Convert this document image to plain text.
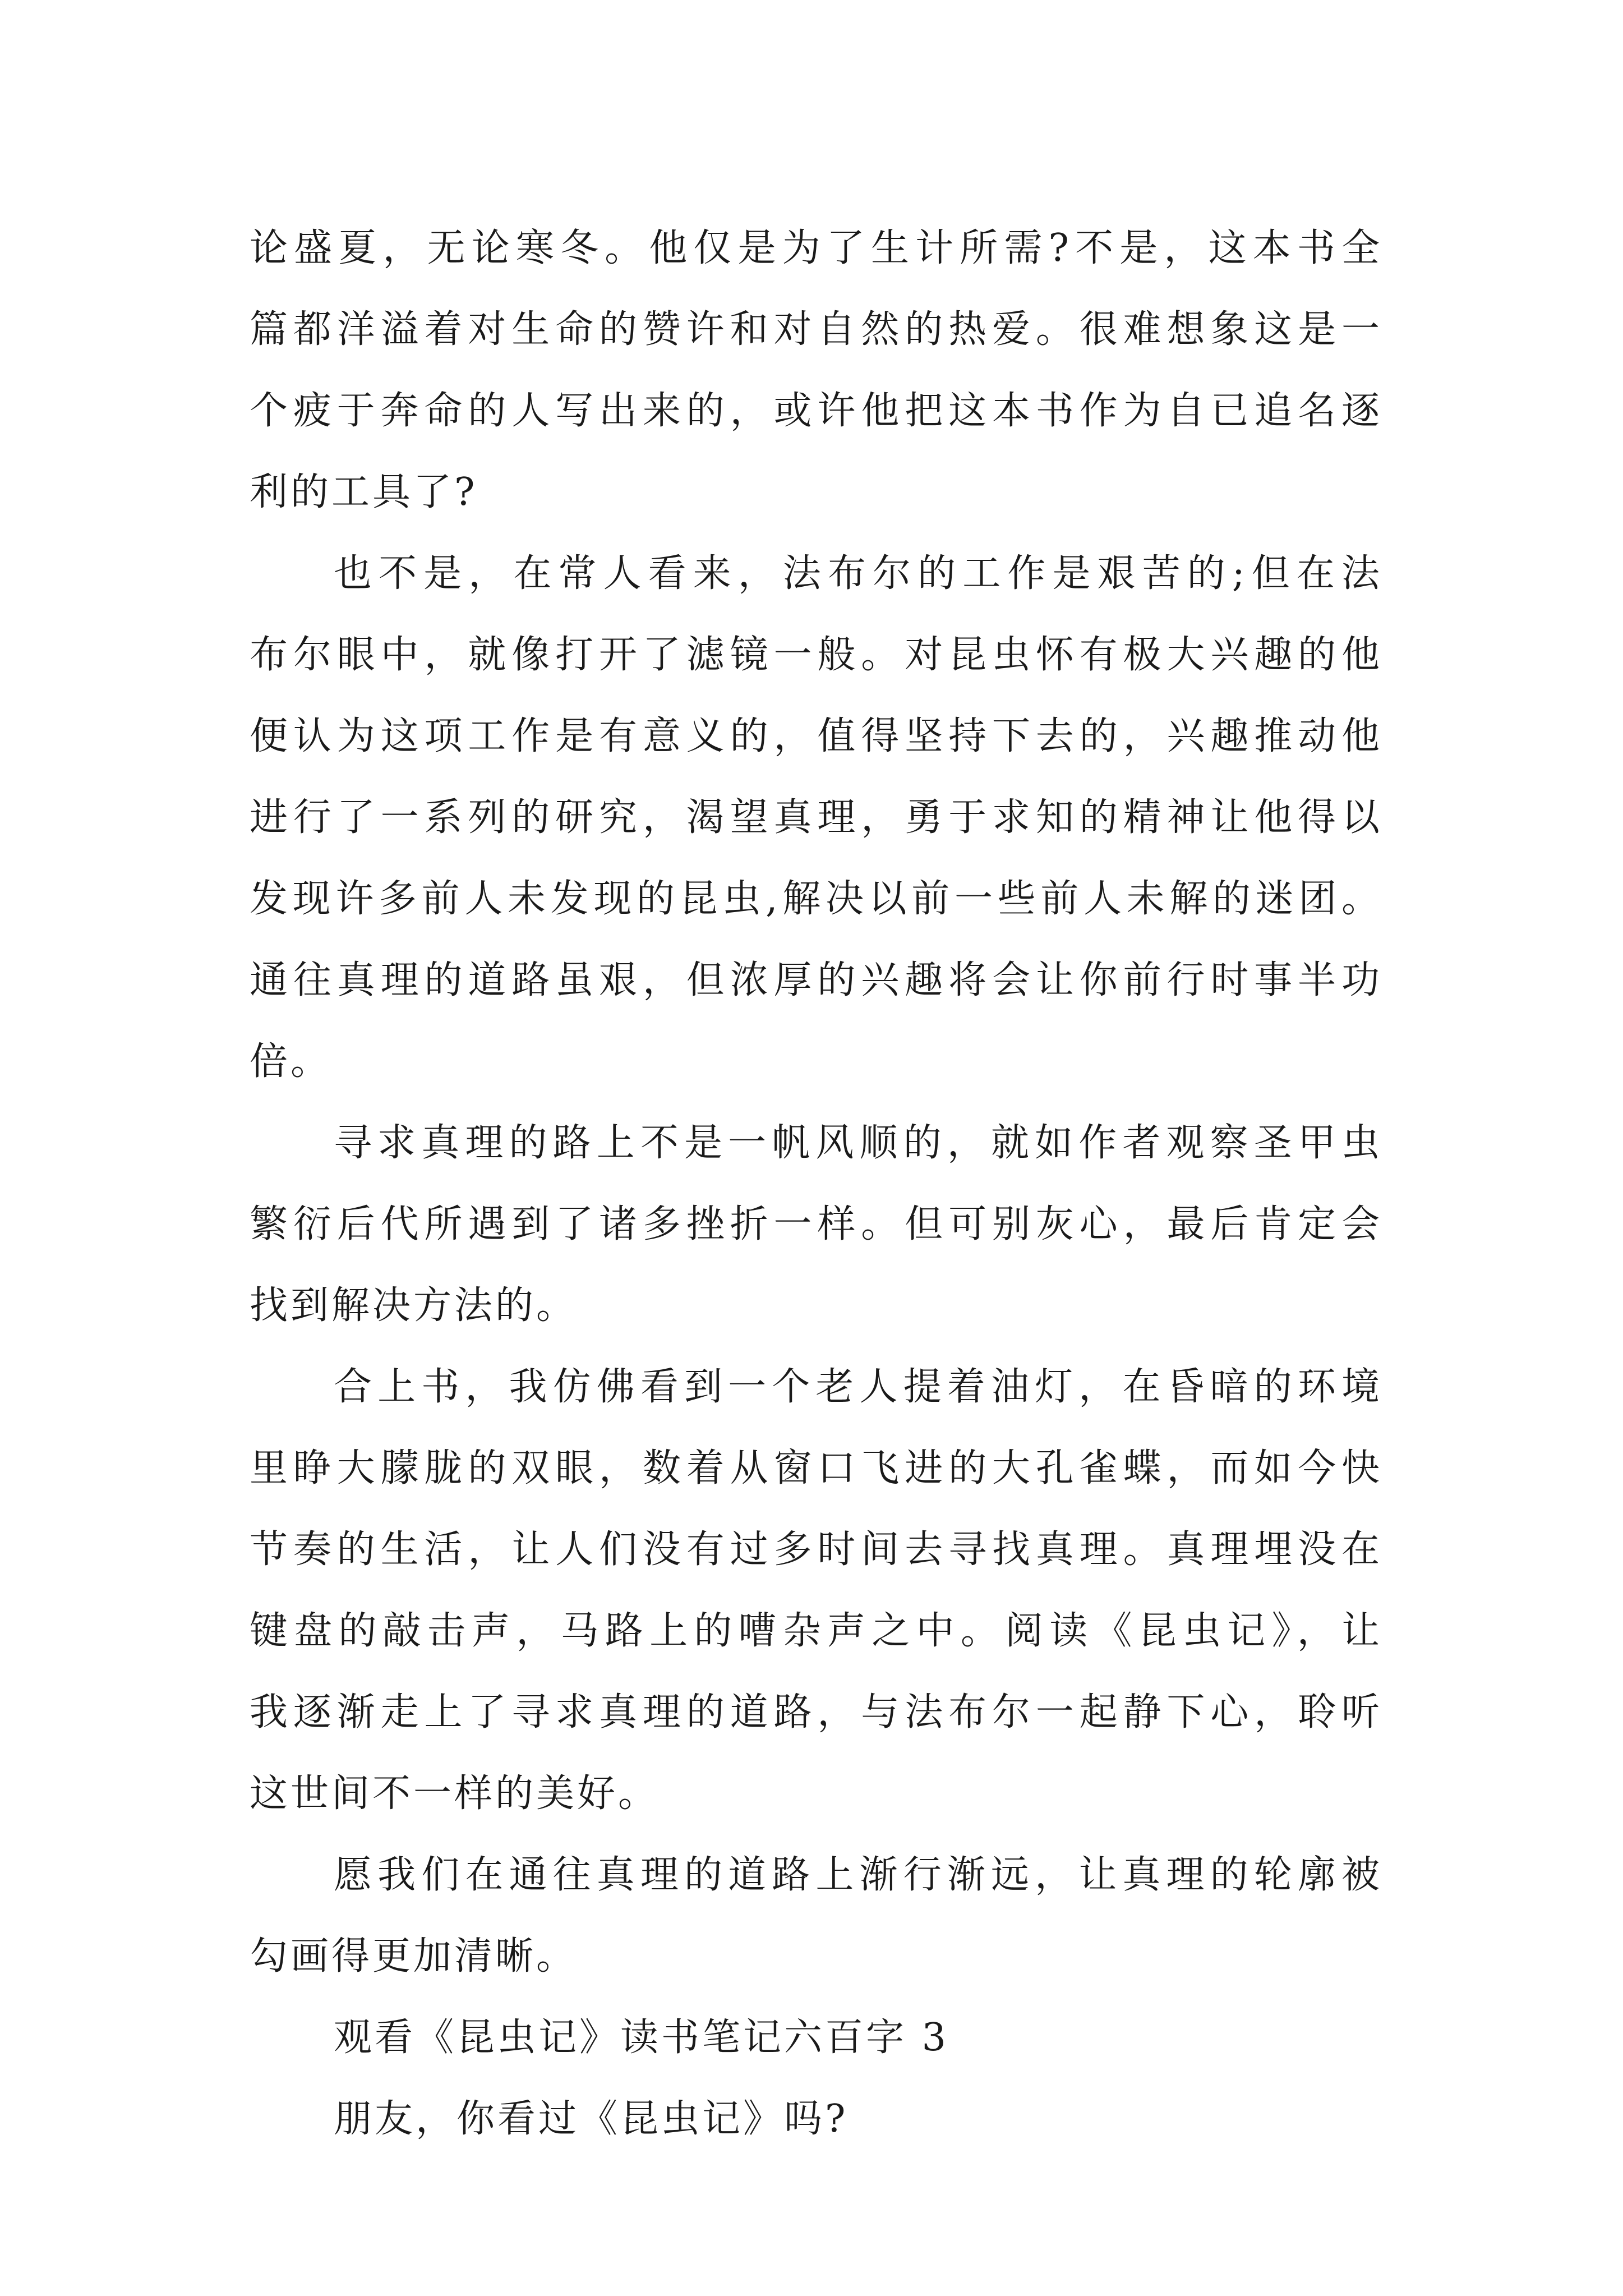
论盛夏，无论寒冬。他仅是为了生计所需?不是，这本书全
篇都洋溢着对生命的赞许和对自然的热爱。很难想象这是一
个疲于奔命的人写出来的，或许他把这本书作为自已追名逐
利的工具了?
也不是，在常人看来，法布尔的工作是艰苦的;但在法
布尔眼中，就像打开了滤镜一般。对昆虫怀有极大兴趣的他
便认为这项工作是有意义的，值得坚持下去的，兴趣推动他
进行了一系列的研究，渴望真理，勇于求知的精神让他得以
发现许多前人未发现的昆虫,解决以前一些前人未解的迷团。
通往真理的道路虽艰，但浓厚的兴趣将会让你前行时事半功
倍。
寻求真理的路上不是一帆风顺的，就如作者观察圣甲虫
繁衍后代所遇到了诸多挫折一样。但可别灰心，最后肯定会
找到解决方法的。
合上书，我仿佛看到一个老人提着油灯，在昏暗的环境
里睁大朦胧的双眼，数着从窗口飞进的大孔雀蝶，而如今快
节奏的生活，让人们没有过多时间去寻找真理。真理埋没在
键盘的敲击声，马路上的嘈杂声之中。阅读《昆虫记》，让
我逐渐走上了寻求真理的道路，与法布尔一起静下心，聆听
这世间不一样的美好。
愿我们在通往真理的道路上渐行渐远，让真理的轮廓被
勾画得更加清晰。
观看《昆虫记》读书笔记六百字 3
朋友，你看过《昆虫记》吗?
